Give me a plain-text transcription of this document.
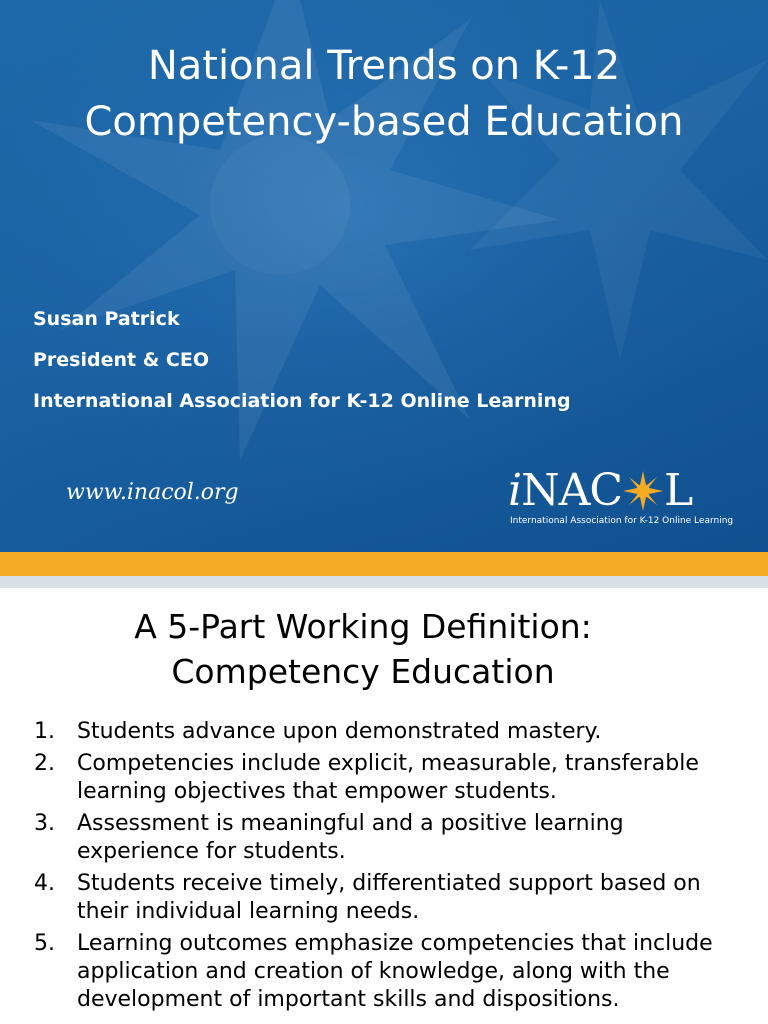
National Trends on K-12
Competency-based Education
Susan Patrick
President & CEO
International Association for K-12 Online Learning
www.inacol.org	i NAC L
International Association for K-12 Online Learning
A 5-Part Working Definition:
Competency Education
1. Students advance upon demonstrated mastery.
2. Competencies include explicit, measurable, transferable learning objectives that empower students.
3. Assessment is meaningful and a positive learning experience for students.
4. Students receive timely, differentiated support based on their individual learning needs.
5. Learning outcomes emphasize competencies that include application and creation of knowledge, along with the development of important skills and dispositions.
